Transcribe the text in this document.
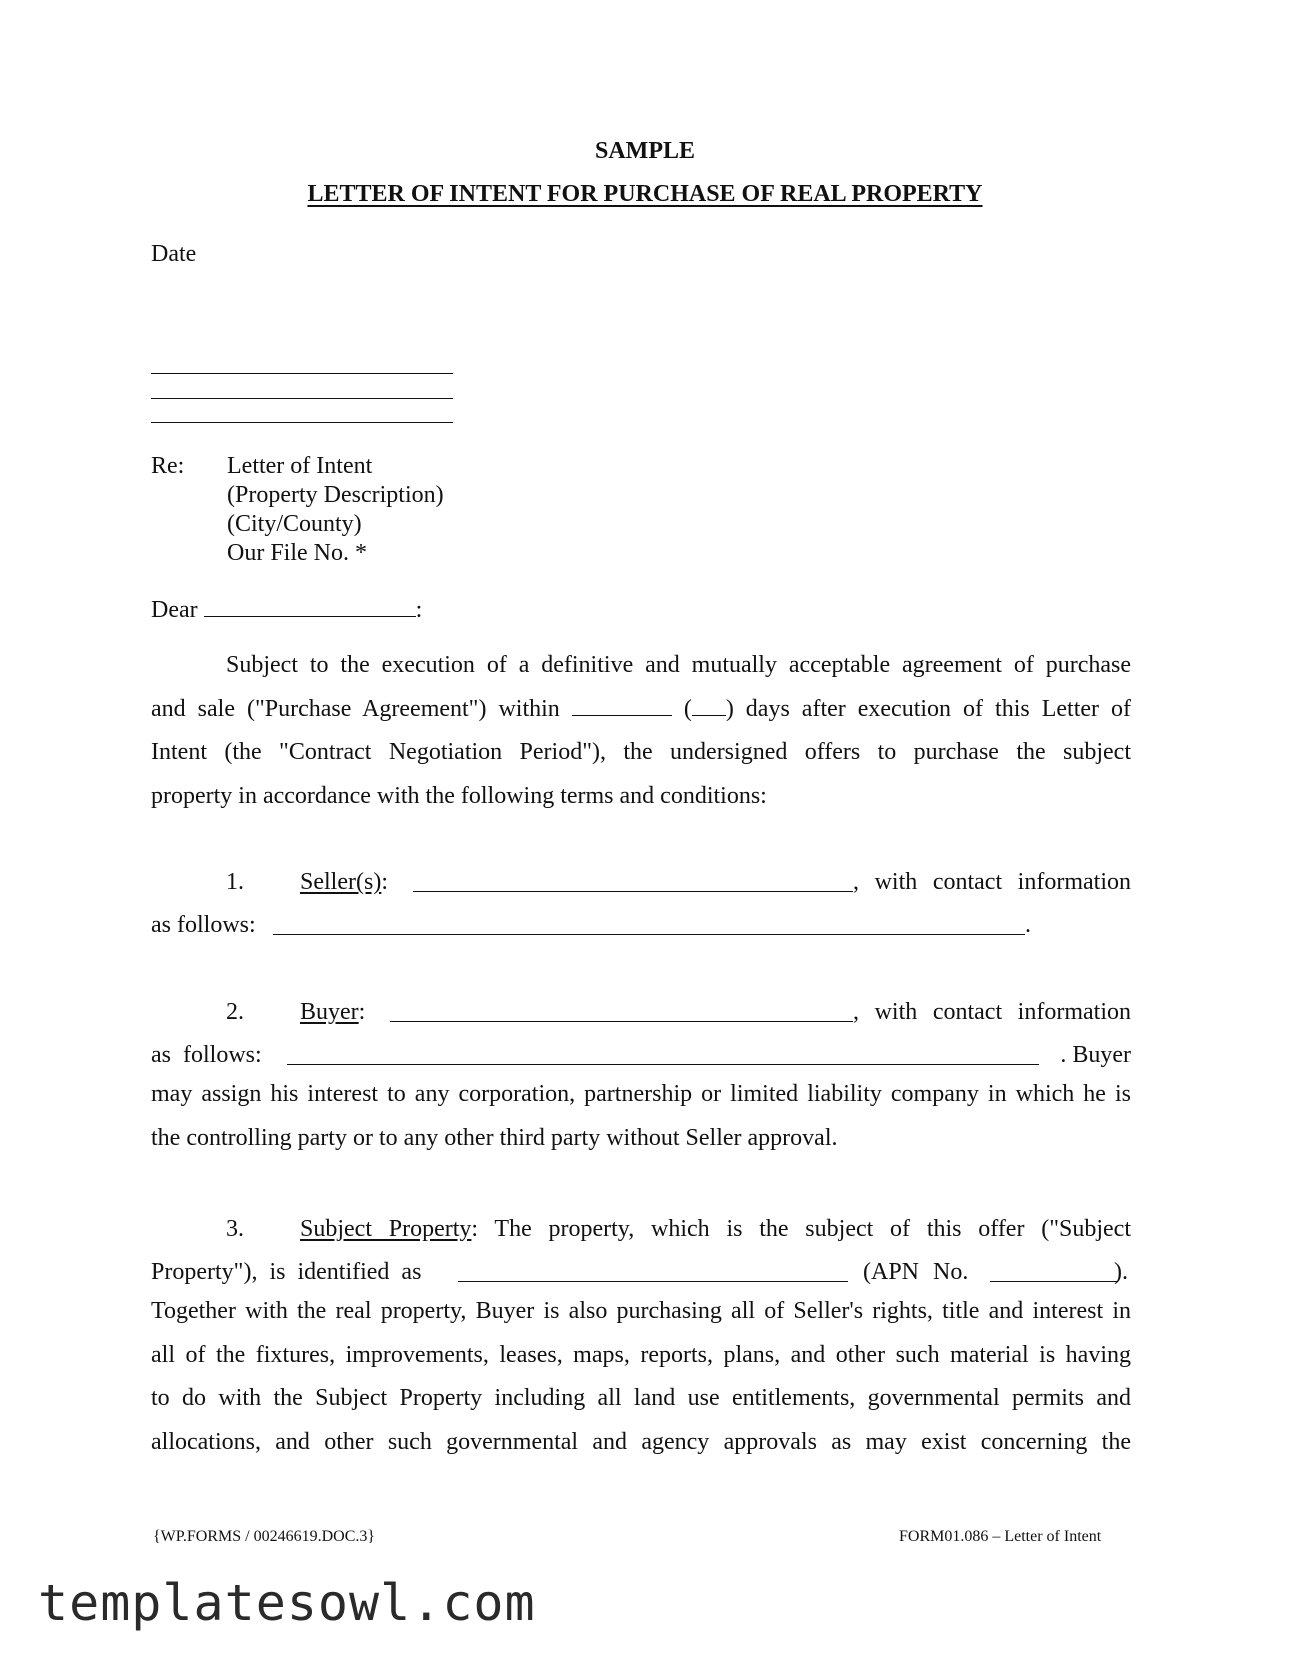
SAMPLE
LETTER OF INTENT FOR PURCHASE OF REAL PROPERTY
Date
Re: Letter of Intent
(Property Description)
(City/County)
Our File No. *
Dear	:
Subject to the execution of a definitive and mutually acceptable agreement of purchase
and sale ("Purchase Agreement") within	( ) days after execution of this Letter of
Intent (the "Contract Negotiation Period"), the undersigned offers to purchase the subject
property in accordance with the following terms and conditions:
1. Seller(s):	, with contact information
as follows:	.
2. Buyer:	, with contact information
as follows:	. Buyer
may assign his interest to any corporation, partnership or limited liability company in which he is
the controlling party or to any other third party without Seller approval.
3. Subject Property: The property, which is the subject of this offer ("Subject
Property"), is identified as	(APN No.	).
Together with the real property, Buyer is also purchasing all of Seller's rights, title and interest in
all of the fixtures, improvements, leases, maps, reports, plans, and other such material is having
to do with the Subject Property including all land use entitlements, governmental permits and
allocations, and other such governmental and agency approvals as may exist concerning the
{WP.FORMS / 00246619.DOC.3}	FORM01.086 – Letter of Intent
templatesowl.com
